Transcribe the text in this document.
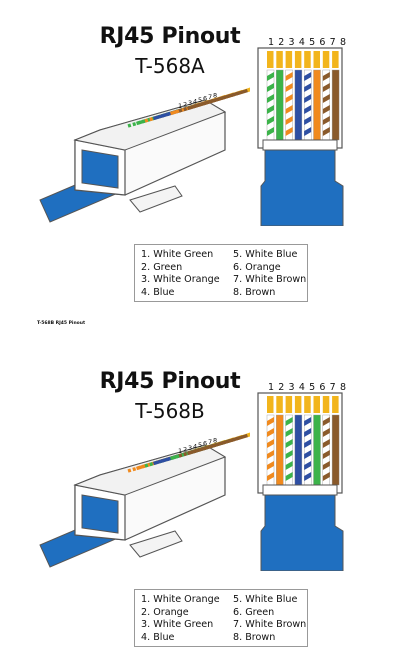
RJ45 Pinout
T-568A
1 2 3 4 5 6 7 8
1 2 3 4 5 6 7 8
1. White Green
2. Green
3. White Orange
4. Blue
5. White Blue
6. Orange
7. White Brown
8. Brown
T-568B RJ45 Pinout
RJ45 Pinout
T-568B
1 2 3 4 5 6 7 8
1 2 3 4 5 6 7 8
1. White Orange
2. Orange
3. White Green
4. Blue
5. White Blue
6. Green
7. White Brown
8. Brown
